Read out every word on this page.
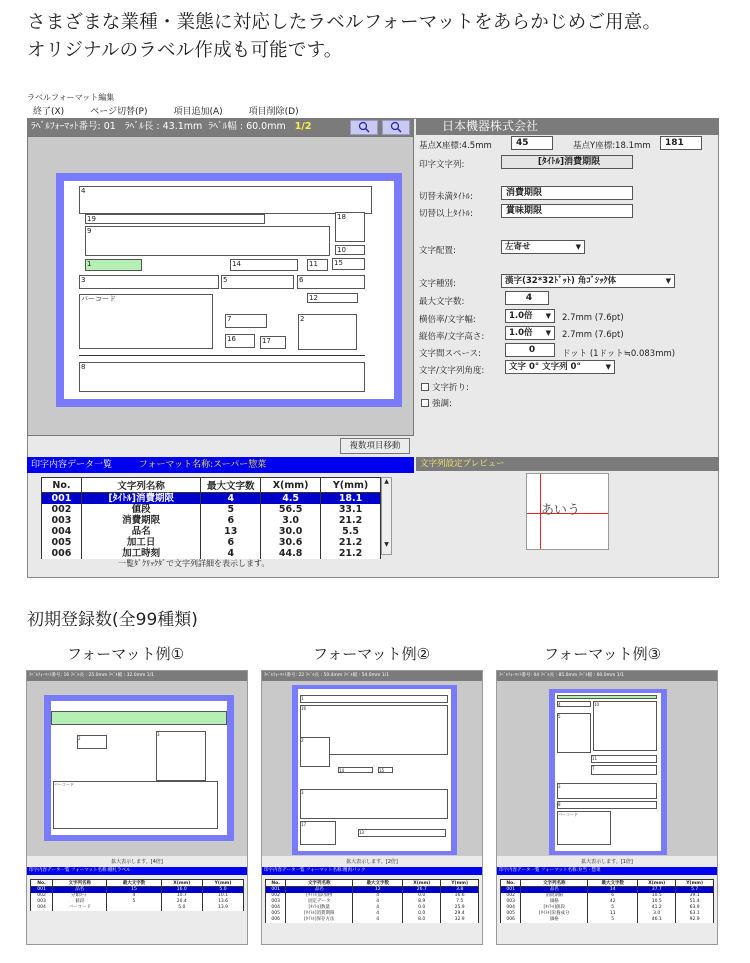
さまざまな業種・業態に対応したラベルフォーマットをあらかじめご用意。
オリジナルのラベル作成も可能です。
ラベルフォーマット編集
終了(X)	ページ切替(P)	項目追加(A)	項目削除(D)
ﾗﾍﾞﾙﾌｫｰﾏｯﾄ番号: 01 ﾗﾍﾞﾙ長 : 43.1mm ﾗﾍﾞﾙ幅 : 60.0mm 1/2
4
19
9
18
10
1	14	11	15
3	5	6
バーコード	12
7	2
16	17
8
複数項目移動
印字内容データ一覧	フォーマット名称:スーパー惣菜
No.	文字列名称	最大文字数	X(mm)	Y(mm)
001	[ﾀｲﾄﾙ]消費期限	4	4.5	18.1
002	値段	5	56.5	33.1
003	消費期限	6	3.0	21.2
004	品名	13	30.0	5.5
005	加工日	6	30.6	21.2
006	加工時刻	4	44.8	21.2
▲
▼
一覧ﾀﾞｸﾘｯｸﾀﾞで文字列詳細を表示します。
日本機器株式会社
基点X座標:4.5mm	45	基点Y座標:18.1mm	181
印字文字列:	[ﾀｲﾄﾙ]消費期限
切替未満ﾀｲﾄﾙ:	消費期限
切替以上ﾀｲﾄﾙ:	賞味期限
文字配置:	左寄せ	▼
文字種別:	漢字(32*32ﾄﾞｯﾄ) 角ｺﾞｼｯｸ体	▼
最大文字数:	4
横倍率/文字幅:	1.0倍 ▼ 2.7mm (7.6pt)
縦倍率/文字高さ:	1.0倍 ▼ 2.7mm (7.6pt)
文字間スペース:	0	ドット (1ドット≒0.083mm)
文字/文字列角度:	文字 0° 文字列 0°	▼
文字折り:
強調:
文字列設定プレビュー
あいう
初期登録数(全99種類)
フォーマット例①	フォーマット例②	フォーマット例③
ﾗﾍﾞﾙﾌｫｰﾏｯﾄ番号: 16 ﾗﾍﾞﾙ長 : 25.0mm ﾗﾍﾞﾙ幅 : 32.0mm 1/1
2
3
バーコード
拡大表示します。[4倍]
印字内容データ一覧 フォーマット名称:棚札ラベル
No.	文字列名称	最大文字数	X(mm)	Y(mm)
001	品名	15	16.0	5.0
002	分類ｺｰﾄﾞ	4	10.7	10.1
003	値段	5	20.4	13.6
004	バーコード		5.0	13.9
ﾗﾍﾞﾙﾌｫｰﾏｯﾄ番号: 22 ﾗﾍﾞﾙ長 : 50.4mm ﾗﾍﾞﾙ幅 : 54.0mm 1/1
1
16
2
14	15
3
17
13
拡大表示します。[2倍]
印字内容データ一覧 フォーマット名称:精肉パック
No.	文字列名称	最大文字数	X(mm)	Y(mm)
001	品名	12	26.7	3.8
002	[ﾀｲﾄﾙ]添加物	4	0.0	16.6
003	固定データ	4	8.9	7.5
004	[ﾀｲﾄﾙ]数量	4	0.0	25.9
005	[ﾀｲﾄﾙ]消費期限	4	0.0	29.4
006	[ﾀｲﾄﾙ]保存方法	4	8.0	32.9
ﾗﾍﾞﾙﾌｫｰﾏｯﾄ番号: 04 ﾗﾍﾞﾙ長 : 85.0mm ﾗﾍﾞﾙ幅 : 60.0mm 1/1
4	10
5
11
7
3
8
バーコード
拡大表示します。[1倍]
印字内容データ一覧 フォーマット名称:弁当・惣菜
No.	文字列名称	最大文字数	X(mm)	Y(mm)
001	品名	14	37.7	5.7
002	消費期限	6	10.5	39.1
003	価格	42	10.5	51.4
004	[ﾀｲﾄﾙ]値段	5	41.2	63.9
005	[ﾀｲﾄﾙ]栄養成分	11	3.0	63.1
006	価格	5	46.1	92.9
